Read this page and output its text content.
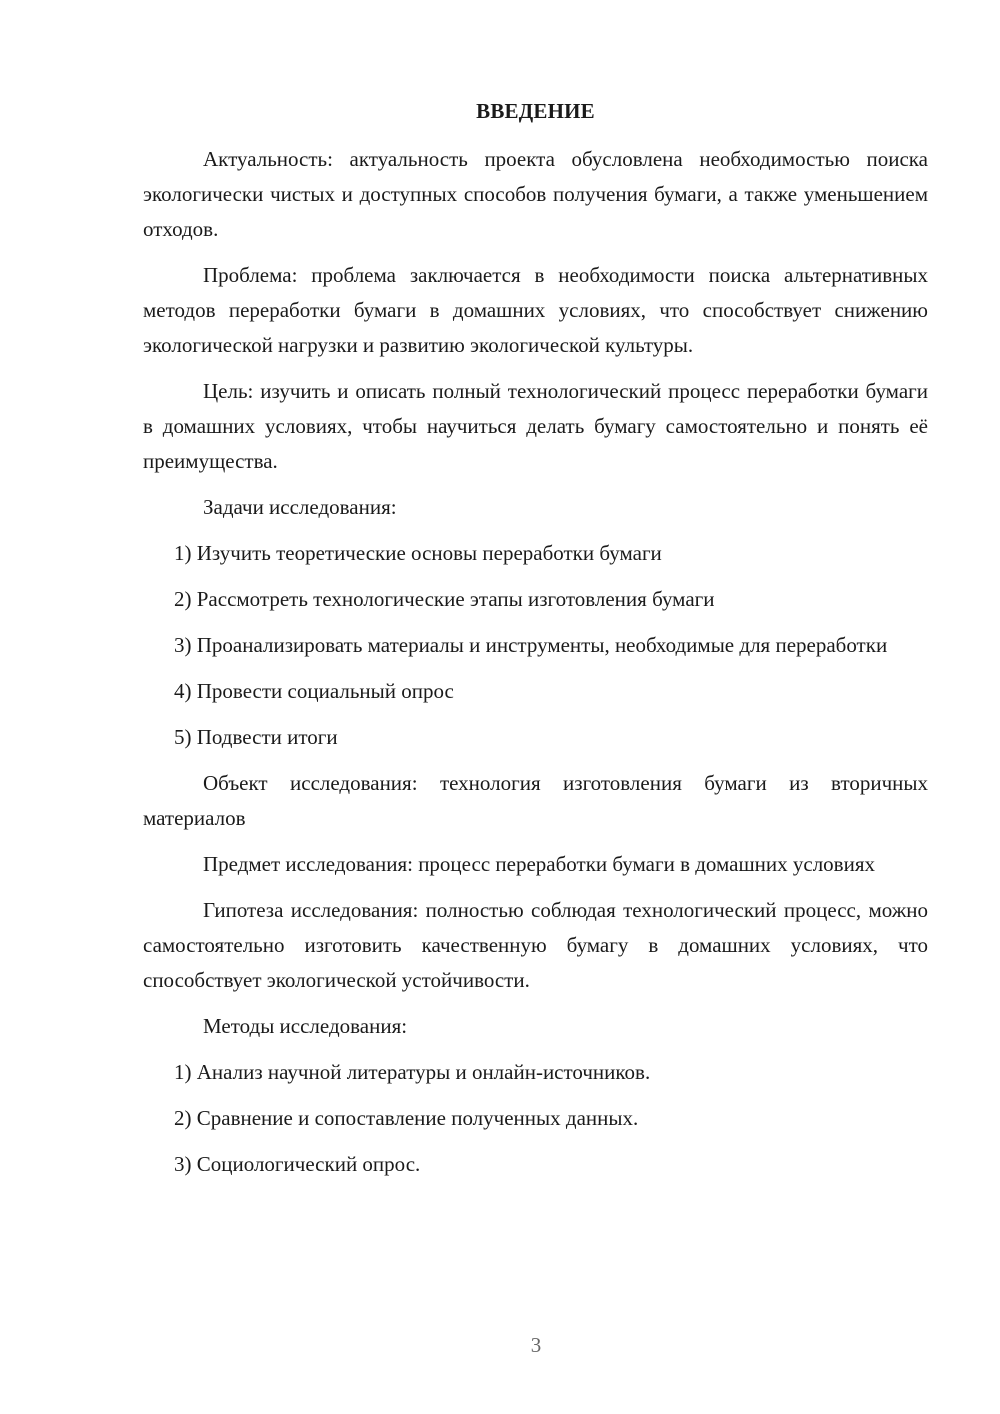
ВВЕДЕНИЕ

Актуальность: актуальность проекта обусловлена необходимостью поиска экологически чистых и доступных способов получения бумаги, а также уменьшением отходов.

Проблема: проблема заключается в необходимости поиска альтернативных методов переработки бумаги в домашних условиях, что способствует снижению экологической нагрузки и развитию экологической культуры.

Цель: изучить и описать полный технологический процесс переработки бумаги в домашних условиях, чтобы научиться делать бумагу самостоятельно и понять её преимущества.

Задачи исследования:

1) Изучить теоретические основы переработки бумаги

2) Рассмотреть технологические этапы изготовления бумаги

3) Проанализировать материалы и инструменты, необходимые для переработки

4) Провести социальный опрос

5) Подвести итоги

Объект исследования: технология изготовления бумаги из вторичных материалов

Предмет исследования: процесс переработки бумаги в домашних условиях

Гипотеза исследования: полностью соблюдая технологический процесс, можно самостоятельно изготовить качественную бумагу в домашних условиях, что способствует экологической устойчивости.

Методы исследования:

1) Анализ научной литературы и онлайн-источников.

2) Сравнение и сопоставление полученных данных.

3) Социологический опрос.

3
